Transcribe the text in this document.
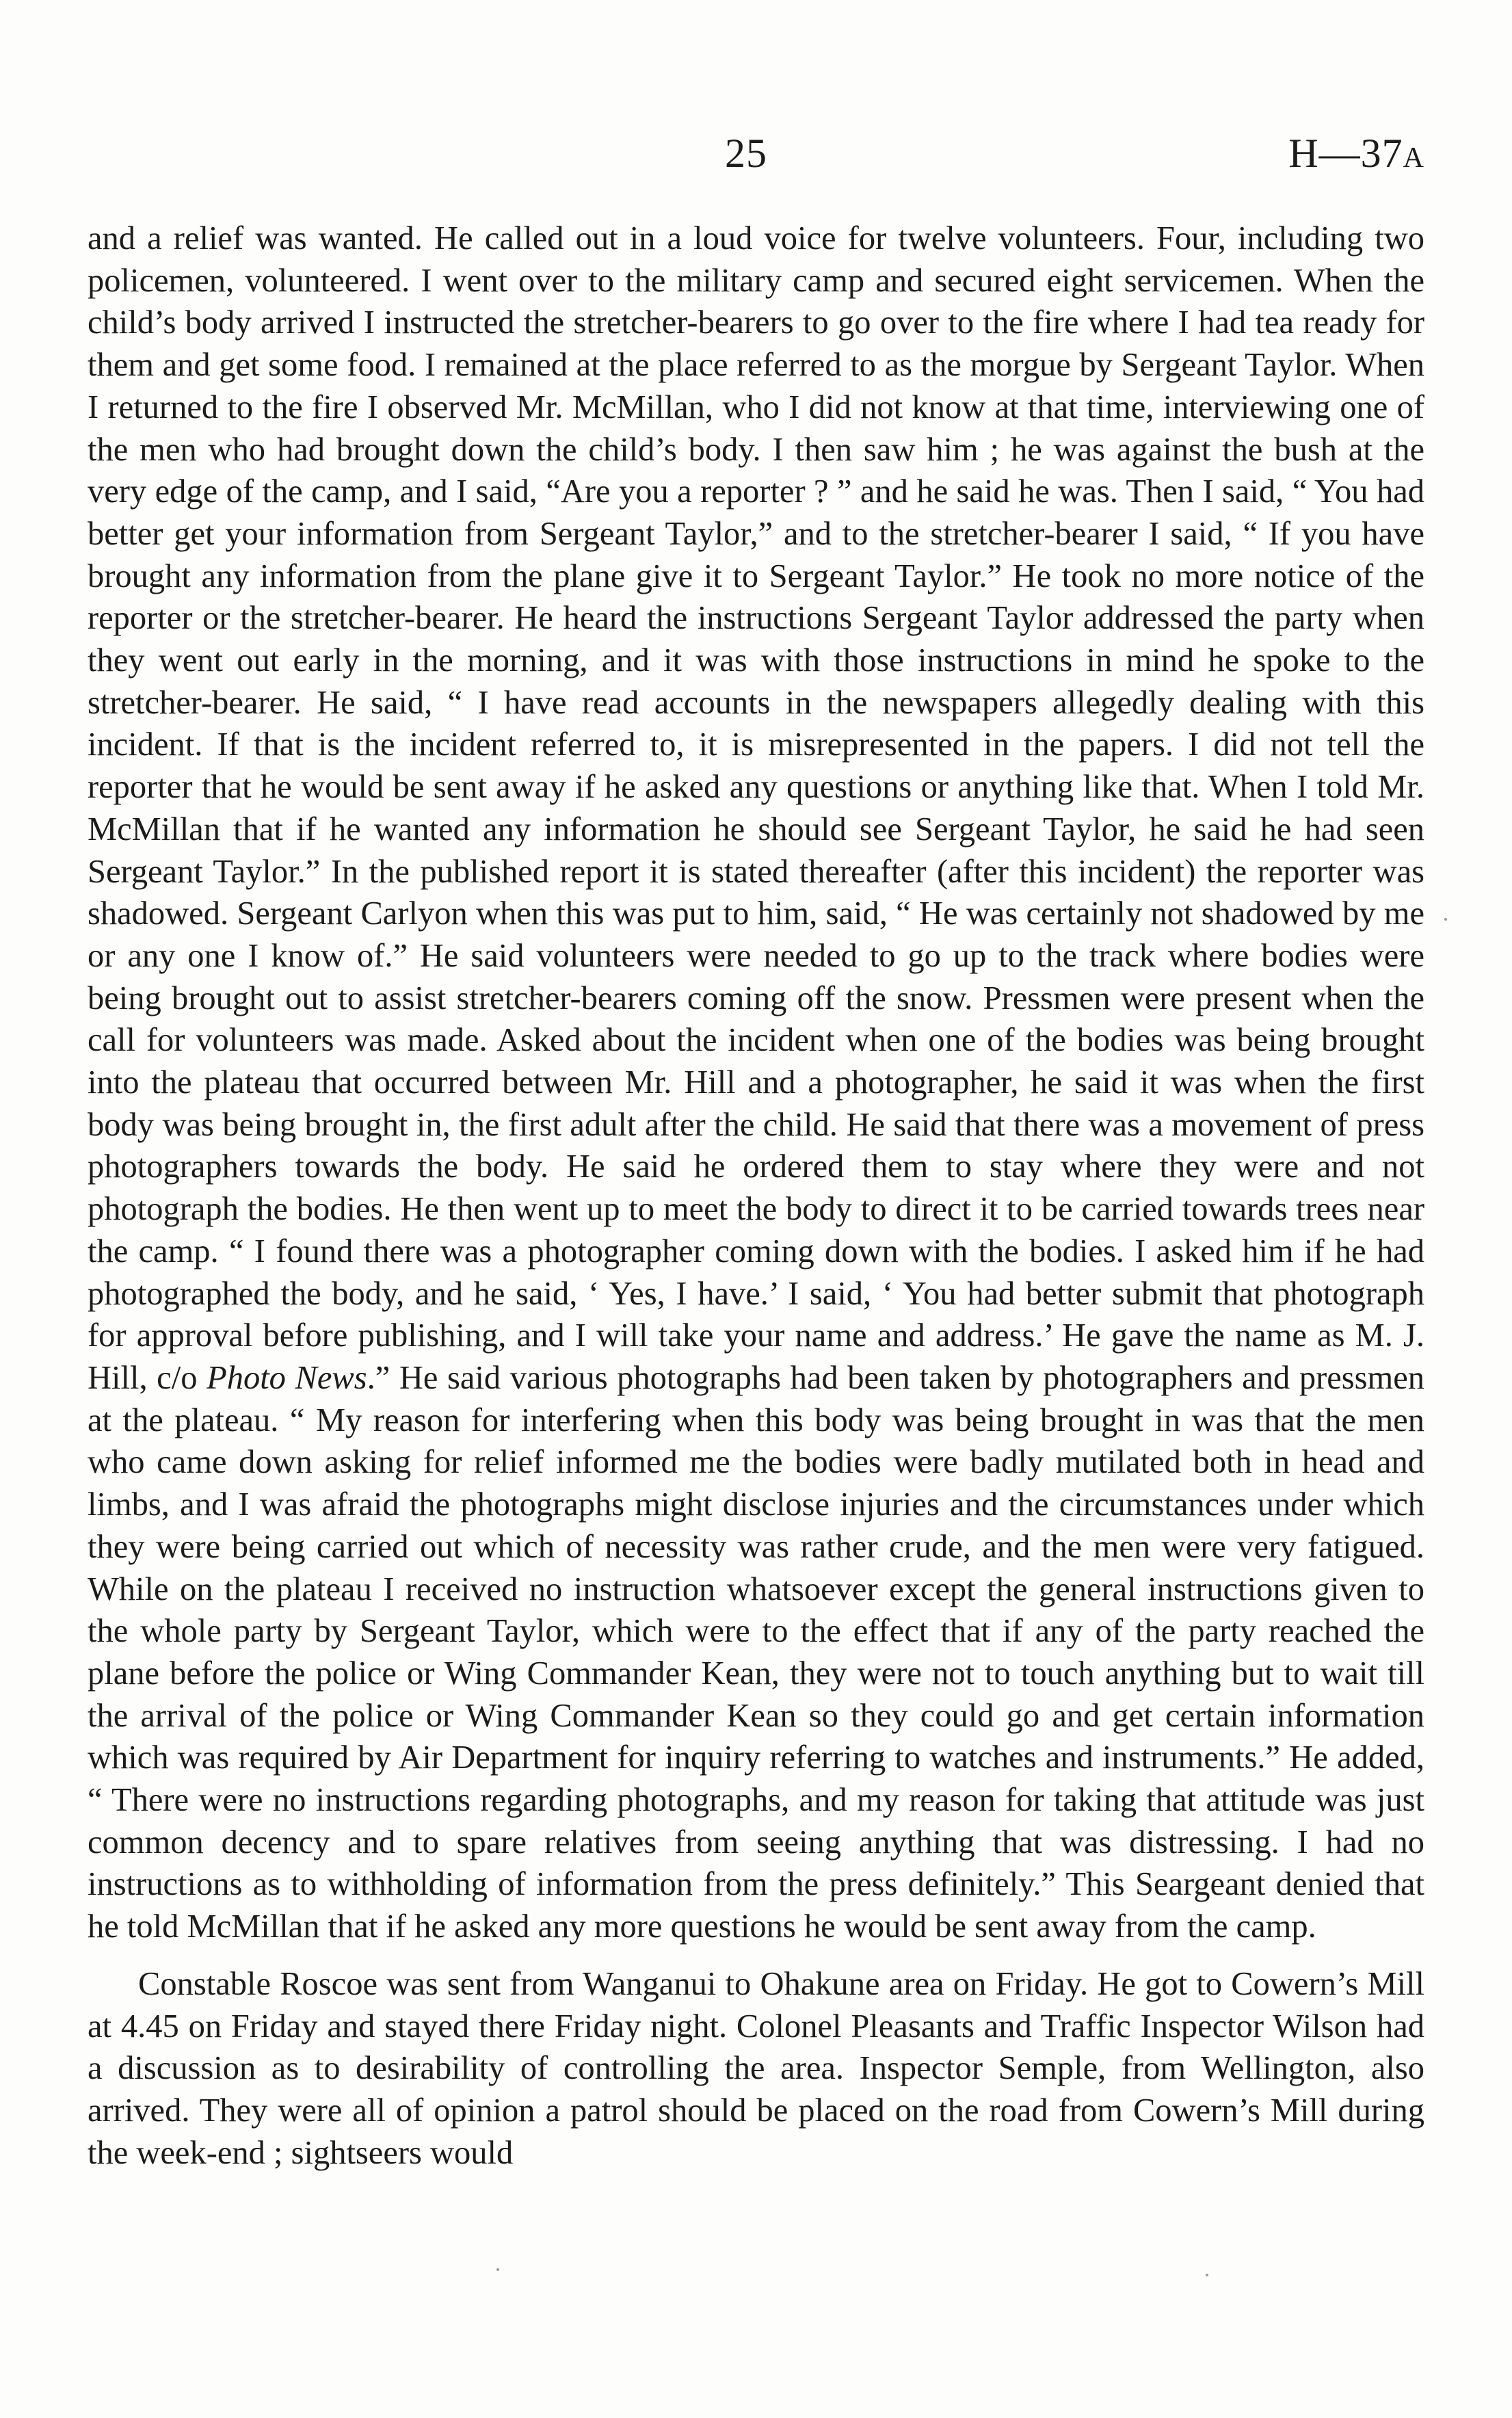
25	H—37A

and a relief was wanted. He called out in a loud voice for twelve volunteers. Four, including two policemen, volunteered. I went over to the military camp and secured eight servicemen. When the child’s body arrived I instructed the stretcher-bearers to go over to the fire where I had tea ready for them and get some food. I remained at the place referred to as the morgue by Sergeant Taylor. When I returned to the fire I observed Mr. McMillan, who I did not know at that time, interviewing one of the men who had brought down the child’s body. I then saw him ; he was against the bush at the very edge of the camp, and I said, “Are you a reporter ? ” and he said he was. Then I said, “ You had better get your information from Sergeant Taylor,” and to the stretcher-bearer I said, “ If you have brought any information from the plane give it to Sergeant Taylor.” He took no more notice of the reporter or the stretcher-bearer. He heard the instructions Sergeant Taylor addressed the party when they went out early in the morning, and it was with those instructions in mind he spoke to the stretcher-bearer. He said, “ I have read accounts in the newspapers allegedly dealing with this incident. If that is the incident referred to, it is misrepresented in the papers. I did not tell the reporter that he would be sent away if he asked any questions or anything like that. When I told Mr. McMillan that if he wanted any information he should see Sergeant Taylor, he said he had seen Sergeant Taylor.” In the published report it is stated thereafter (after this incident) the reporter was shadowed. Sergeant Carlyon when this was put to him, said, “ He was certainly not shadowed by me or any one I know of.” He said volunteers were needed to go up to the track where bodies were being brought out to assist stretcher-bearers coming off the snow. Pressmen were present when the call for volunteers was made. Asked about the incident when one of the bodies was being brought into the plateau that occurred between Mr. Hill and a photographer, he said it was when the first body was being brought in, the first adult after the child. He said that there was a movement of press photographers towards the body. He said he ordered them to stay where they were and not photograph the bodies. He then went up to meet the body to direct it to be carried towards trees near the camp. “ I found there was a photographer coming down with the bodies. I asked him if he had photographed the body, and he said, ‘ Yes, I have.’ I said, ‘ You had better submit that photograph for approval before publishing, and I will take your name and address.’ He gave the name as M. J. Hill, c/o Photo News.” He said various photographs had been taken by photographers and pressmen at the plateau. “ My reason for interfering when this body was being brought in was that the men who came down asking for relief informed me the bodies were badly mutilated both in head and limbs, and I was afraid the photographs might disclose injuries and the circumstances under which they were being carried out which of necessity was rather crude, and the men were very fatigued. While on the plateau I received no instruction whatsoever except the general instructions given to the whole party by Sergeant Taylor, which were to the effect that if any of the party reached the plane before the police or Wing Commander Kean, they were not to touch anything but to wait till the arrival of the police or Wing Commander Kean so they could go and get certain information which was required by Air Department for inquiry referring to watches and instruments.” He added, “ There were no instructions regarding photographs, and my reason for taking that attitude was just common decency and to spare relatives from seeing anything that was distressing. I had no instructions as to withholding of information from the press definitely.” This Seargeant denied that he told McMillan that if he asked any more questions he would be sent away from the camp.

Constable Roscoe was sent from Wanganui to Ohakune area on Friday. He got to Cowern’s Mill at 4.45 on Friday and stayed there Friday night. Colonel Pleasants and Traffic Inspector Wilson had a discussion as to desirability of controlling the area. Inspector Semple, from Wellington, also arrived. They were all of opinion a patrol should be placed on the road from Cowern’s Mill during the week-end ; sightseers would
